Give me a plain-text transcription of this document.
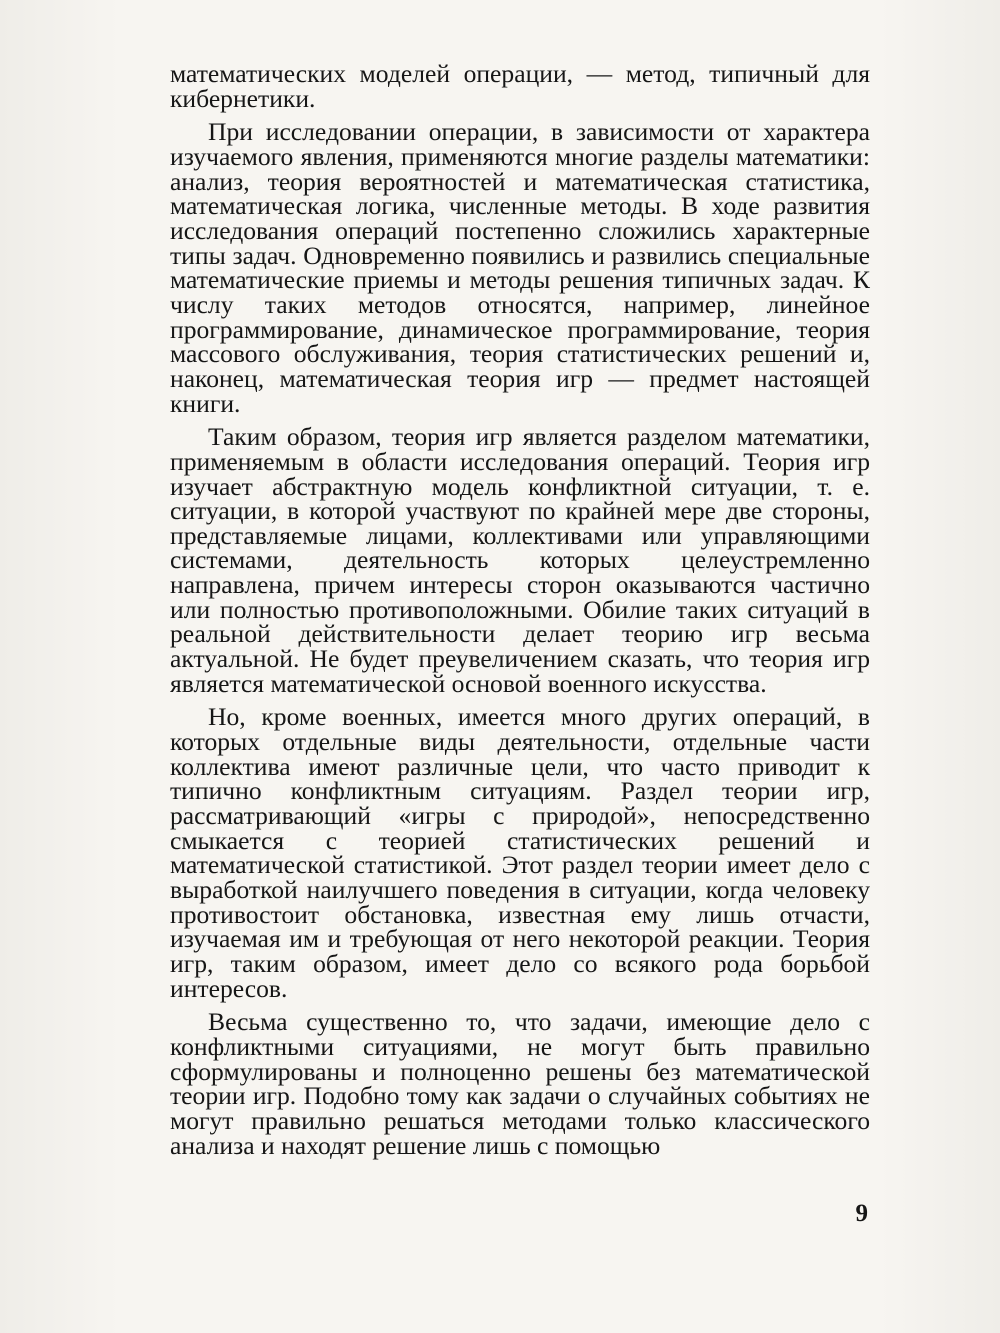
математических моделей операции, — метод, типичный для кибернетики.

При исследовании операции, в зависимости от характера изучаемого явления, применяются многие разделы математики: анализ, теория вероятностей и математическая статистика, математическая логика, численные методы. В ходе развития исследования операций постепенно сложились характерные типы задач. Одновременно появились и развились специальные математические приемы и методы решения типичных задач. К числу таких методов относятся, например, линейное программирование, динамическое программирование, теория массового обслуживания, теория статистических решений и, наконец, математическая теория игр — предмет настоящей книги.

Таким образом, теория игр является разделом математики, применяемым в области исследования операций. Теория игр изучает абстрактную модель конфликтной ситуации, т. е. ситуации, в которой участвуют по крайней мере две стороны, представляемые лицами, коллективами или управляющими системами, деятельность которых целеустремленно направлена, причем интересы сторон оказываются частично или полностью противоположными. Обилие таких ситуаций в реальной действительности делает теорию игр весьма актуальной. Не будет преувеличением сказать, что теория игр является математической основой военного искусства.

Но, кроме военных, имеется много других операций, в которых отдельные виды деятельности, отдельные части коллектива имеют различные цели, что часто приводит к типично конфликтным ситуациям. Раздел теории игр, рассматривающий «игры с природой», непосредственно смыкается с теорией статистических решений и математической статистикой. Этот раздел теории имеет дело с выработкой наилучшего поведения в ситуации, когда человеку противостоит обстановка, известная ему лишь отчасти, изучаемая им и требующая от него некоторой реакции. Теория игр, таким образом, имеет дело со всякого рода борьбой интересов.

Весьма существенно то, что задачи, имеющие дело с конфликтными ситуациями, не могут быть правильно сформулированы и полноценно решены без математической теории игр. Подобно тому как задачи о случайных событиях не могут правильно решаться методами только классического анализа и находят решение лишь с помощью

9
